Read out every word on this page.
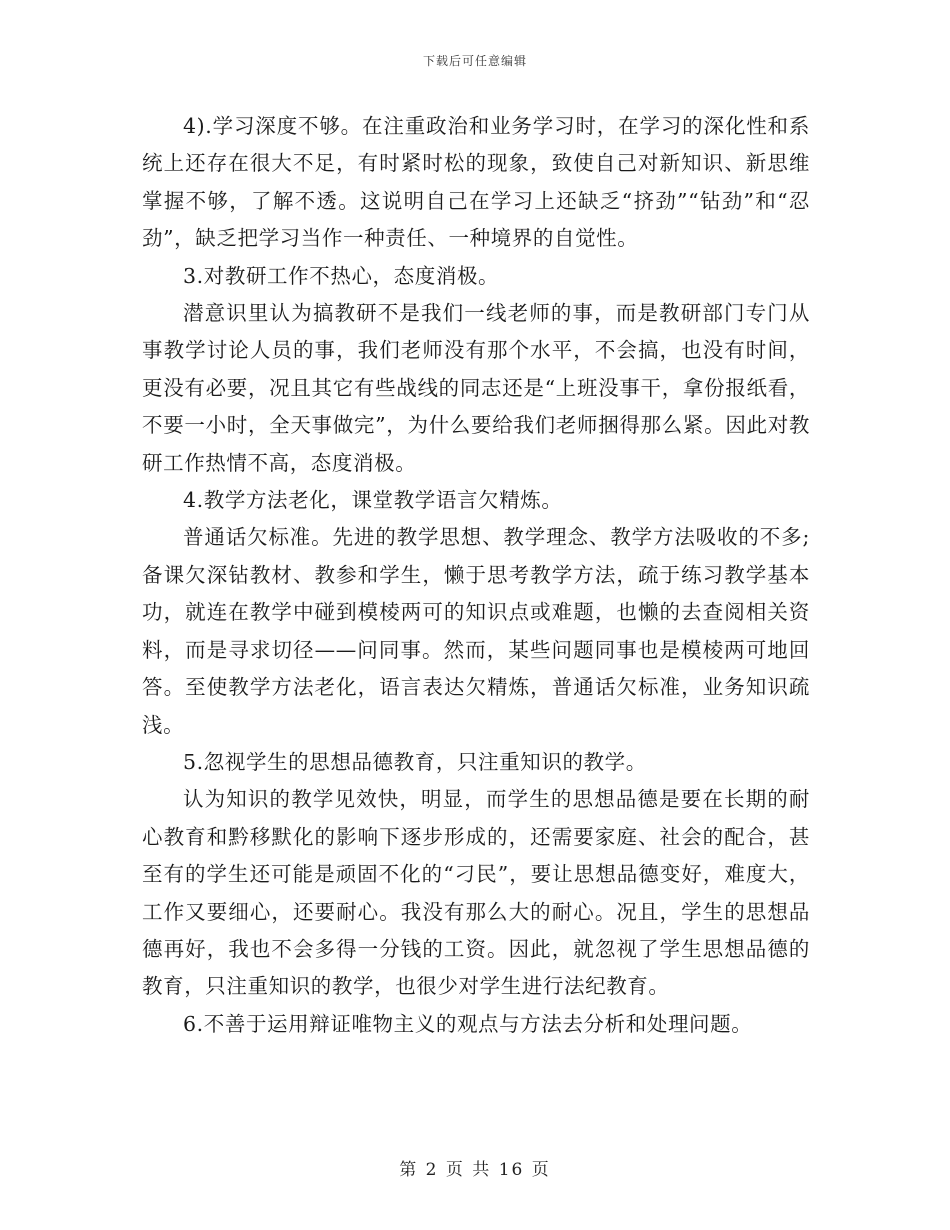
下载后可任意编辑

4).学习深度不够。在注重政治和业务学习时，在学习的深化性和系统上还存在很大不足，有时紧时松的现象，致使自己对新知识、新思维掌握不够，了解不透。这说明自己在学习上还缺乏“挤劲”“钻劲”和“忍劲”，缺乏把学习当作一种责任、一种境界的自觉性。

3.对教研工作不热心，态度消极。

潜意识里认为搞教研不是我们一线老师的事，而是教研部门专门从事教学讨论人员的事，我们老师没有那个水平，不会搞，也没有时间，更没有必要，况且其它有些战线的同志还是“上班没事干，拿份报纸看，不要一小时，全天事做完”，为什么要给我们老师捆得那么紧。因此对教研工作热情不高，态度消极。

4.教学方法老化，课堂教学语言欠精炼。

普通话欠标准。先进的教学思想、教学理念、教学方法吸收的不多;备课欠深钻教材、教参和学生，懒于思考教学方法，疏于练习教学基本功，就连在教学中碰到模棱两可的知识点或难题，也懒的去查阅相关资料，而是寻求切径——问同事。然而，某些问题同事也是模棱两可地回答。至使教学方法老化，语言表达欠精炼，普通话欠标准，业务知识疏浅。

5.忽视学生的思想品德教育，只注重知识的教学。

认为知识的教学见效快，明显，而学生的思想品德是要在长期的耐心教育和黔移默化的影响下逐步形成的，还需要家庭、社会的配合，甚至有的学生还可能是顽固不化的“刁民”，要让思想品德变好，难度大，工作又要细心，还要耐心。我没有那么大的耐心。况且，学生的思想品德再好，我也不会多得一分钱的工资。因此，就忽视了学生思想品德的教育，只注重知识的教学，也很少对学生进行法纪教育。

6.不善于运用辩证唯物主义的观点与方法去分析和处理问题。

第 2 页 共 16 页
